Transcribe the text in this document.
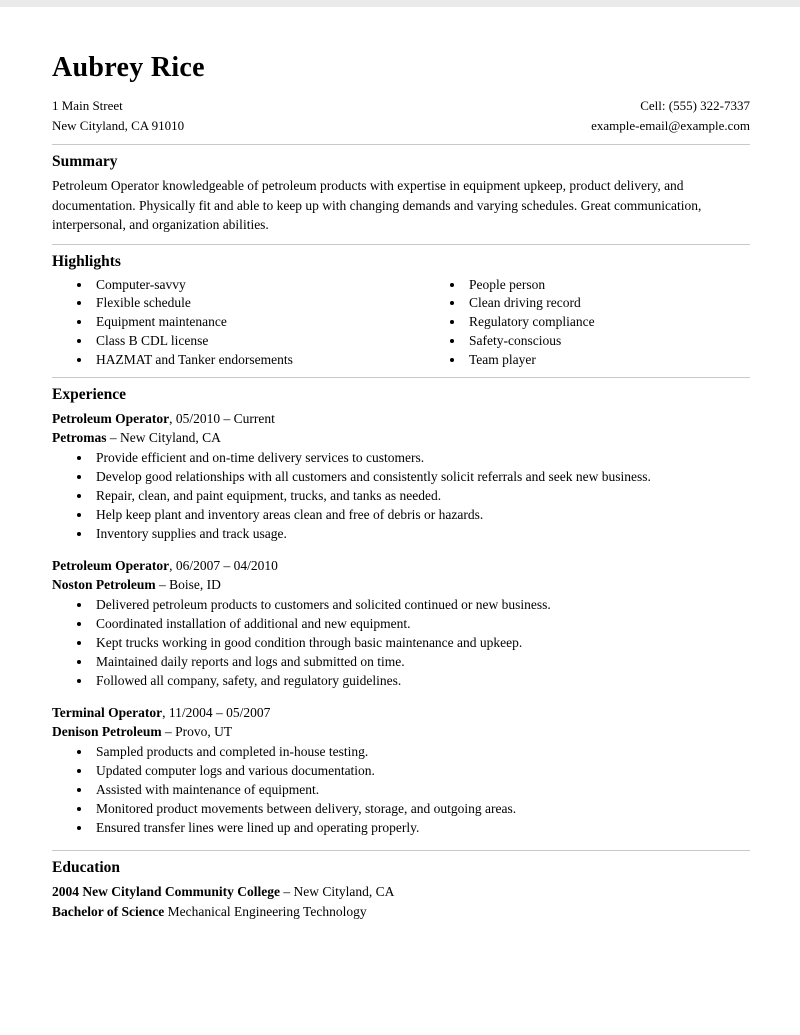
Aubrey Rice
1 Main Street
New Cityland, CA 91010
Cell: (555) 322-7337
example-email@example.com
Summary

Petroleum Operator knowledgeable of petroleum products with expertise in equipment upkeep, product delivery, and documentation. Physically fit and able to keep up with changing demands and varying schedules. Great communication, interpersonal, and organization abilities.

Highlights
• Computer-savvy
• Flexible schedule
• Equipment maintenance
• Class B CDL license
• HAZMAT and Tanker endorsements
• People person
• Clean driving record
• Regulatory compliance
• Safety-conscious
• Team player
Experience
Petroleum Operator, 05/2010 – Current
Petromas – New Cityland, CA
• Provide efficient and on-time delivery services to customers.
• Develop good relationships with all customers and consistently solicit referrals and seek new business.
• Repair, clean, and paint equipment, trucks, and tanks as needed.
• Help keep plant and inventory areas clean and free of debris or hazards.
• Inventory supplies and track usage.
Petroleum Operator, 06/2007 – 04/2010
Noston Petroleum – Boise, ID
• Delivered petroleum products to customers and solicited continued or new business.
• Coordinated installation of additional and new equipment.
• Kept trucks working in good condition through basic maintenance and upkeep.
• Maintained daily reports and logs and submitted on time.
• Followed all company, safety, and regulatory guidelines.
Terminal Operator, 11/2004 – 05/2007
Denison Petroleum – Provo, UT
• Sampled products and completed in-house testing.
• Updated computer logs and various documentation.
• Assisted with maintenance of equipment.
• Monitored product movements between delivery, storage, and outgoing areas.
• Ensured transfer lines were lined up and operating properly.
Education
2004 New Cityland Community College – New Cityland, CA
Bachelor of Science Mechanical Engineering Technology
